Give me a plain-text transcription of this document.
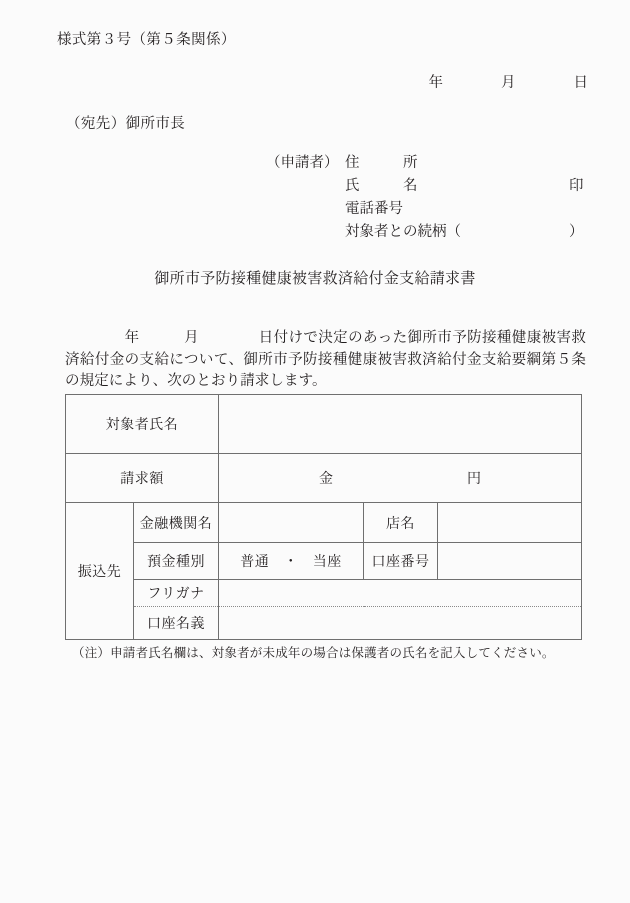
様式第３号（第５条関係）
年　　　　月　　　　日
（宛先）御所市長

（申請者）

住　　　所

氏　　　名

	印

電話番号

対象者との続柄（

	）

御所市予防接種健康被害救済給付金支給請求書
　　　　年　　　月　　　　日付けで決定のあった御所市予防接種健康被害救済給付金の支給について、御所市予防接種健康被害救済給付金支給要綱第５条の規定により、次のとおり請求します。
対象者氏名				
請求額		金 円		

振込先	金融機関名		店名	
	預金種別	普通　・　当座	口座番号	
	フリガナ			
	口座名義			
（注）申請者氏名欄は、対象者が未成年の場合は保護者の氏名を記入してください。
